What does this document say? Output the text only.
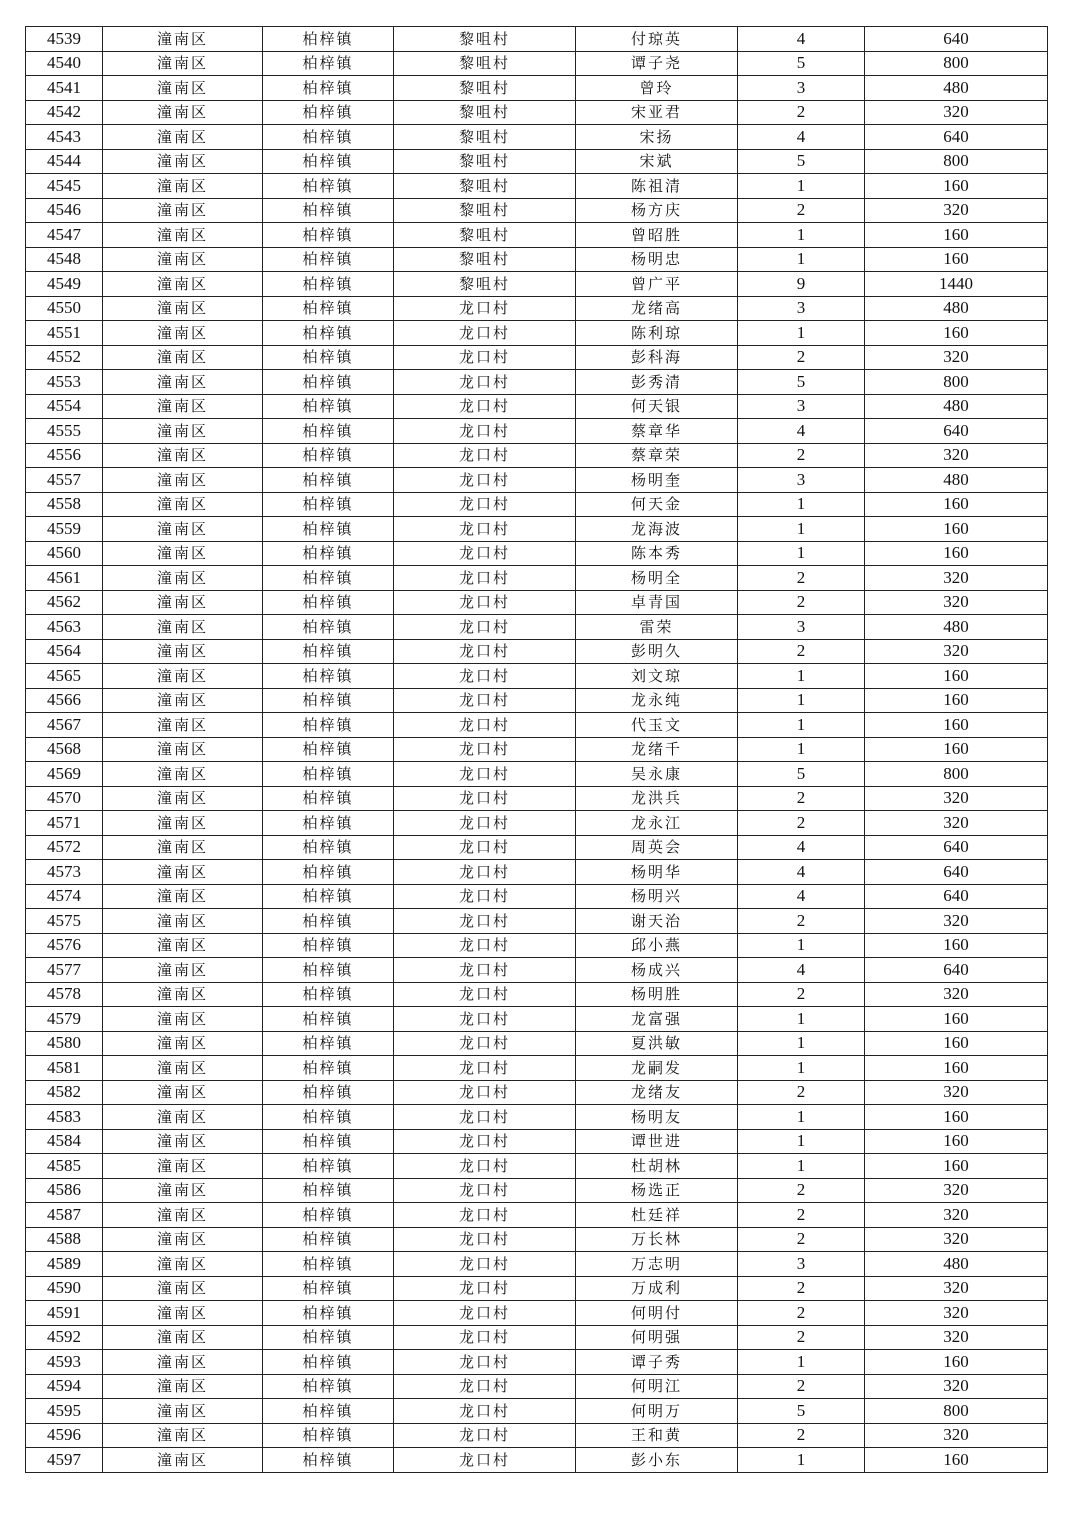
4539	潼南区	柏梓镇	黎咀村	付琼英	4	640
4540	潼南区	柏梓镇	黎咀村	谭子尧	5	800
4541	潼南区	柏梓镇	黎咀村	曾玲	3	480
4542	潼南区	柏梓镇	黎咀村	宋亚君	2	320
4543	潼南区	柏梓镇	黎咀村	宋扬	4	640
4544	潼南区	柏梓镇	黎咀村	宋斌	5	800
4545	潼南区	柏梓镇	黎咀村	陈祖清	1	160
4546	潼南区	柏梓镇	黎咀村	杨方庆	2	320
4547	潼南区	柏梓镇	黎咀村	曾昭胜	1	160
4548	潼南区	柏梓镇	黎咀村	杨明忠	1	160
4549	潼南区	柏梓镇	黎咀村	曾广平	9	1440
4550	潼南区	柏梓镇	龙口村	龙绪高	3	480
4551	潼南区	柏梓镇	龙口村	陈利琼	1	160
4552	潼南区	柏梓镇	龙口村	彭科海	2	320
4553	潼南区	柏梓镇	龙口村	彭秀清	5	800
4554	潼南区	柏梓镇	龙口村	何天银	3	480
4555	潼南区	柏梓镇	龙口村	蔡章华	4	640
4556	潼南区	柏梓镇	龙口村	蔡章荣	2	320
4557	潼南区	柏梓镇	龙口村	杨明奎	3	480
4558	潼南区	柏梓镇	龙口村	何天金	1	160
4559	潼南区	柏梓镇	龙口村	龙海波	1	160
4560	潼南区	柏梓镇	龙口村	陈本秀	1	160
4561	潼南区	柏梓镇	龙口村	杨明全	2	320
4562	潼南区	柏梓镇	龙口村	卓青国	2	320
4563	潼南区	柏梓镇	龙口村	雷荣	3	480
4564	潼南区	柏梓镇	龙口村	彭明久	2	320
4565	潼南区	柏梓镇	龙口村	刘文琼	1	160
4566	潼南区	柏梓镇	龙口村	龙永纯	1	160
4567	潼南区	柏梓镇	龙口村	代玉文	1	160
4568	潼南区	柏梓镇	龙口村	龙绪千	1	160
4569	潼南区	柏梓镇	龙口村	吴永康	5	800
4570	潼南区	柏梓镇	龙口村	龙洪兵	2	320
4571	潼南区	柏梓镇	龙口村	龙永江	2	320
4572	潼南区	柏梓镇	龙口村	周英会	4	640
4573	潼南区	柏梓镇	龙口村	杨明华	4	640
4574	潼南区	柏梓镇	龙口村	杨明兴	4	640
4575	潼南区	柏梓镇	龙口村	谢天治	2	320
4576	潼南区	柏梓镇	龙口村	邱小燕	1	160
4577	潼南区	柏梓镇	龙口村	杨成兴	4	640
4578	潼南区	柏梓镇	龙口村	杨明胜	2	320
4579	潼南区	柏梓镇	龙口村	龙富强	1	160
4580	潼南区	柏梓镇	龙口村	夏洪敏	1	160
4581	潼南区	柏梓镇	龙口村	龙嗣发	1	160
4582	潼南区	柏梓镇	龙口村	龙绪友	2	320
4583	潼南区	柏梓镇	龙口村	杨明友	1	160
4584	潼南区	柏梓镇	龙口村	谭世进	1	160
4585	潼南区	柏梓镇	龙口村	杜胡林	1	160
4586	潼南区	柏梓镇	龙口村	杨选正	2	320
4587	潼南区	柏梓镇	龙口村	杜廷祥	2	320
4588	潼南区	柏梓镇	龙口村	万长林	2	320
4589	潼南区	柏梓镇	龙口村	万志明	3	480
4590	潼南区	柏梓镇	龙口村	万成利	2	320
4591	潼南区	柏梓镇	龙口村	何明付	2	320
4592	潼南区	柏梓镇	龙口村	何明强	2	320
4593	潼南区	柏梓镇	龙口村	谭子秀	1	160
4594	潼南区	柏梓镇	龙口村	何明江	2	320
4595	潼南区	柏梓镇	龙口村	何明万	5	800
4596	潼南区	柏梓镇	龙口村	王和黄	2	320
4597	潼南区	柏梓镇	龙口村	彭小东	1	160
